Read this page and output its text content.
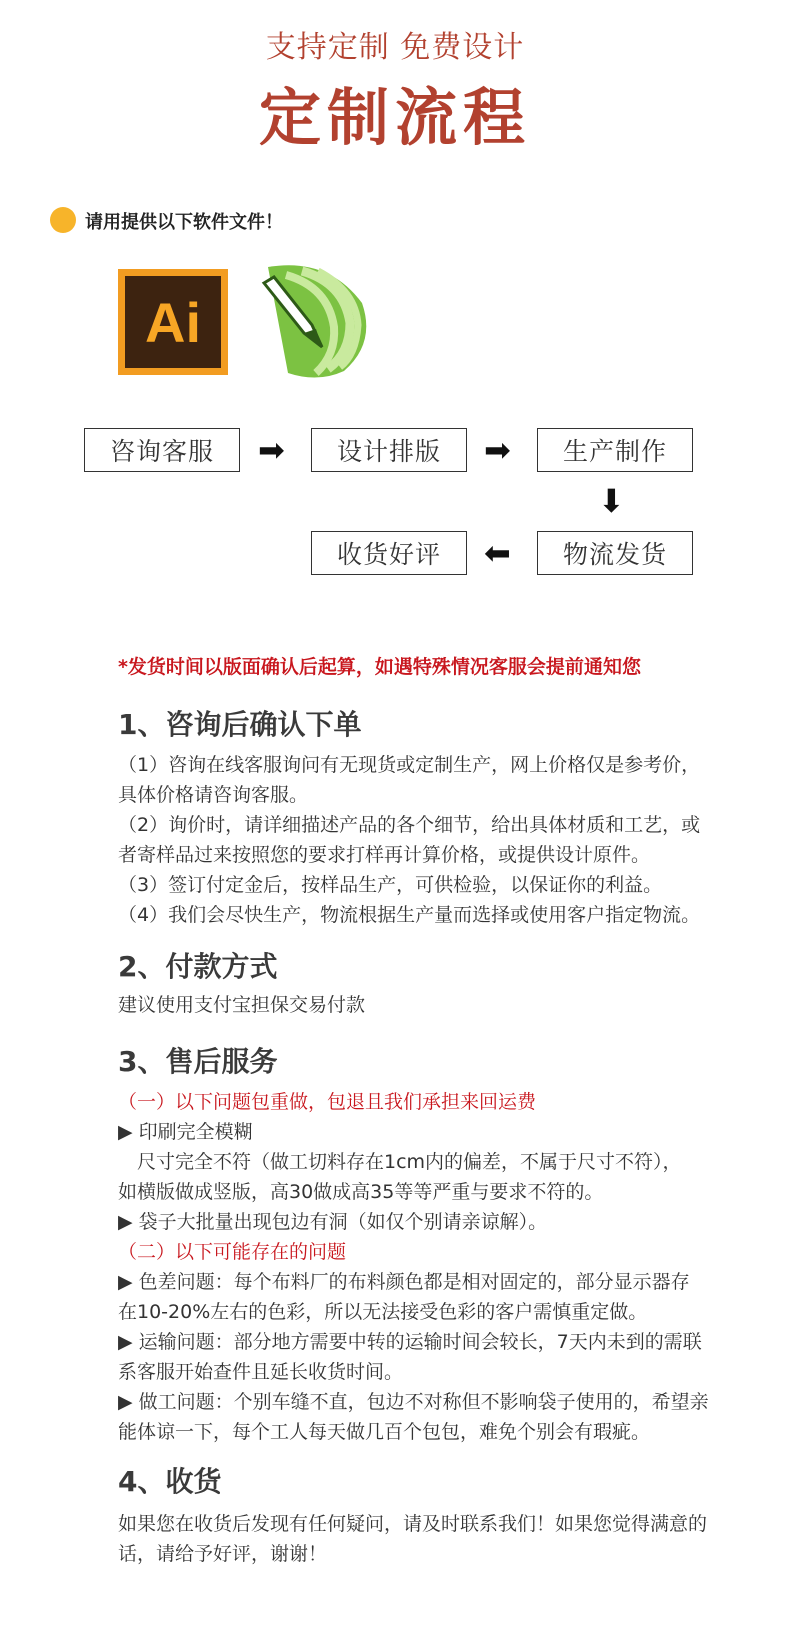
支持定制 免费设计
定制流程
请用提供以下软件文件！
Ai
咨询客服	➡	设计排版	➡	生产制作
⬇
收货好评	⬅	物流发货
*发货时间以版面确认后起算，如遇特殊情况客服会提前通知您
1、咨询后确认下单
（1）咨询在线客服询问有无现货或定制生产，网上价格仅是参考价，
具体价格请咨询客服。
（2）询价时，请详细描述产品的各个细节，给出具体材质和工艺，或
者寄样品过来按照您的要求打样再计算价格，或提供设计原件。
（3）签订付定金后，按样品生产，可供检验，以保证你的利益。
（4）我们会尽快生产，物流根据生产量而选择或使用客户指定物流。
2、付款方式
建议使用支付宝担保交易付款
3、售后服务
（一）以下问题包重做，包退且我们承担来回运费
▶ 印刷完全模糊
　尺寸完全不符（做工切料存在1cm内的偏差，不属于尺寸不符），
如横版做成竖版，高30做成高35等等严重与要求不符的。
▶ 袋子大批量出现包边有洞（如仅个别请亲谅解）。
（二）以下可能存在的问题
▶ 色差问题：每个布料厂的布料颜色都是相对固定的，部分显示器存
在10-20%左右的色彩，所以无法接受色彩的客户需慎重定做。
▶ 运输问题：部分地方需要中转的运输时间会较长，7天内未到的需联
系客服开始查件且延长收货时间。
▶ 做工问题：个别车缝不直，包边不对称但不影响袋子使用的，希望亲
能体谅一下，每个工人每天做几百个包包，难免个别会有瑕疵。
4、收货
如果您在收货后发现有任何疑问，请及时联系我们！如果您觉得满意的
话，请给予好评，谢谢！
